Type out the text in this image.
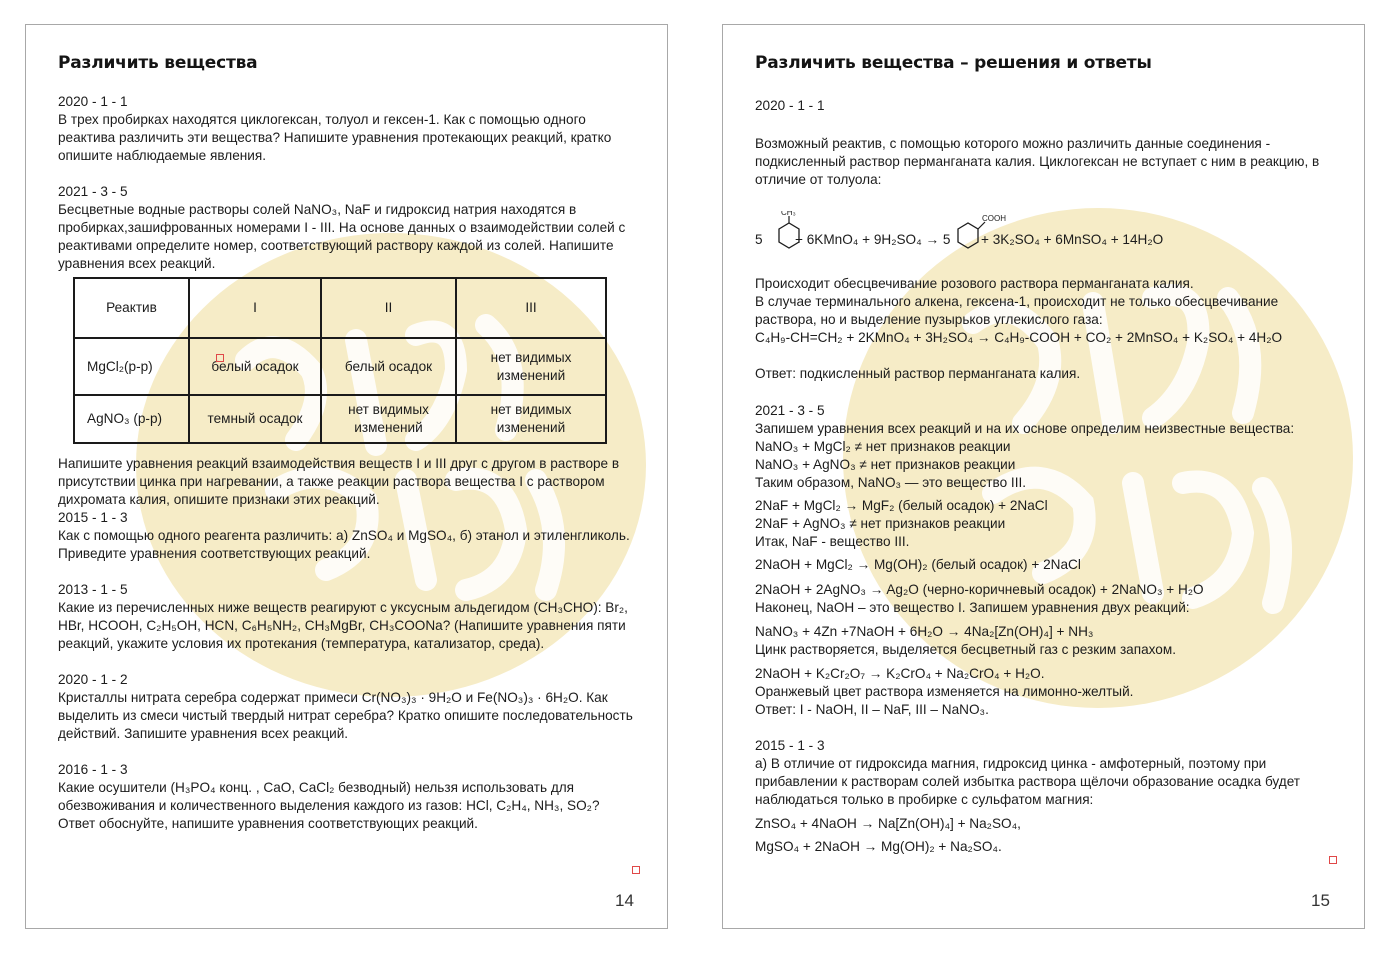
Различить вещества

2020 - 1 - 1

В трех пробирках находятся циклогексан, толуол и гексен-1. Как с помощью одного реактива различить эти вещества? Напишите уравнения протекающих реакций, кратко опишите наблюдаемые явления.

2021 - 3 - 5

Бесцветные водные растворы солей NaNO₃, NaF и гидроксид натрия находятся в пробирках,зашифрованных номерами I - III. На основе данных о взаимодействии солей с реактивами определите номер, соответствующий раствору каждой из солей. Напишите уравнения всех реакций.

Реактив	I	II	III
MgCl₂(р-р)	белый осадок	белый осадок	нет видимых изменений
AgNO₃ (р-р)	темный осадок	нет видимых изменений	нет видимых изменений

Напишите уравнения реакций взаимодействия веществ I и III друг с другом в растворе в присутствии цинка при нагревании, а также реакции раствора вещества I с раствором дихромата калия, опишите признаки этих реакций.

2015 - 1 - 3

Как с помощью одного реагента различить: а) ZnSO₄ и MgSO₄, б) этанол и этиленгликоль. Приведите уравнения соответствующих реакций.

2013 - 1 - 5

Какие из перечисленных ниже веществ реагируют с уксусным альдегидом (CH₃CHO): Br₂, HBr, HCOOH, C₂H₅OH, HCN, C₆H₅NH₂, CH₃MgBr, CH₃COONa? (Напишите уравнения пяти реакций, укажите условия их протекания (температура, катализатор, среда).

2020 - 1 - 2

Кристаллы нитрата серебра содержат примеси Cr(NO₃)₃ · 9H₂O и Fe(NO₃)₃ · 6H₂O. Как выделить из смеси чистый твердый нитрат серебра? Кратко опишите последовательность действий. Запишите уравнения всех реакций.

2016 - 1 - 3

Какие осушители (H₃PO₄ конц. , CaO, CaCl₂ безводный) нельзя использовать для обезвоживания и количественного выделения каждого из газов: HCl, C₂H₄, NH₃, SO₂? Ответ обоснуйте, напишите уравнения соответствующих реакций.

14
Различить вещества – решения и ответы
2020 - 1 - 1
Возможный реактив, с помощью которого можно различить данные соединения - подкисленный раствор перманганата калия. Циклогексан не вступает с ним в реакцию, в отличие от толуола:
5
CH₃
+ 6KMnO₄ + 9H₂SO₄ → 5
COOH
+ 3K₂SO₄ + 6MnSO₄ + 14H₂O

Происходит обесцвечивание розового раствора перманганата калия.

В случае терминального алкена, гексена-1, происходит не только обесцвечивание раствора, но и выделение пузырьков углекислого газа:

C₄H₉-CH=CH₂ + 2KMnO₄ + 3H₂SO₄ → C₄H₉-COOH + CO₂ + 2MnSO₄ + K₂SO₄ + 4H₂O

Ответ: подкисленный раствор перманганата калия.

2021 - 3 - 5

Запишем уравнения всех реакций и на их основе определим неизвестные вещества:

NaNO₃ + MgCl₂ ≠ нет признаков реакции

NaNO₃ + AgNO₃ ≠ нет признаков реакции

Таким образом, NaNO₃ — это вещество III.

2NaF + MgCl₂ → MgF₂ (белый осадок) + 2NaCl

2NaF + AgNO₃ ≠ нет признаков реакции

Итак, NaF - вещество III.

2NaOH + MgCl₂ → Mg(OH)₂ (белый осадок) + 2NaCl

2NaOH + 2AgNO₃ → Ag₂O (черно-коричневый осадок) + 2NaNO₃ + H₂O

Наконец, NaOH – это вещество I. Запишем уравнения двух реакций:

NaNO₃ + 4Zn +7NaOH + 6H₂O → 4Na₂[Zn(OH)₄] + NH₃

Цинк растворяется, выделяется бесцветный газ с резким запахом.

2NaOH + K₂Cr₂O₇ → K₂CrO₄ + Na₂CrO₄ + H₂O.

Оранжевый цвет раствора изменяется на лимонно-желтый.

Ответ: I - NaOH, II – NaF, III – NaNO₃.

2015 - 1 - 3

а) В отличие от гидроксида магния, гидроксид цинка - амфотерный, поэтому при прибавлении к растворам солей избытка раствора щёлочи образование осадка будет наблюдаться только в пробирке с сульфатом магния:

ZnSO₄ + 4NaOH → Na[Zn(OH)₄] + Na₂SO₄,

MgSO₄ + 2NaOH → Mg(OH)₂ + Na₂SO₄.

15
